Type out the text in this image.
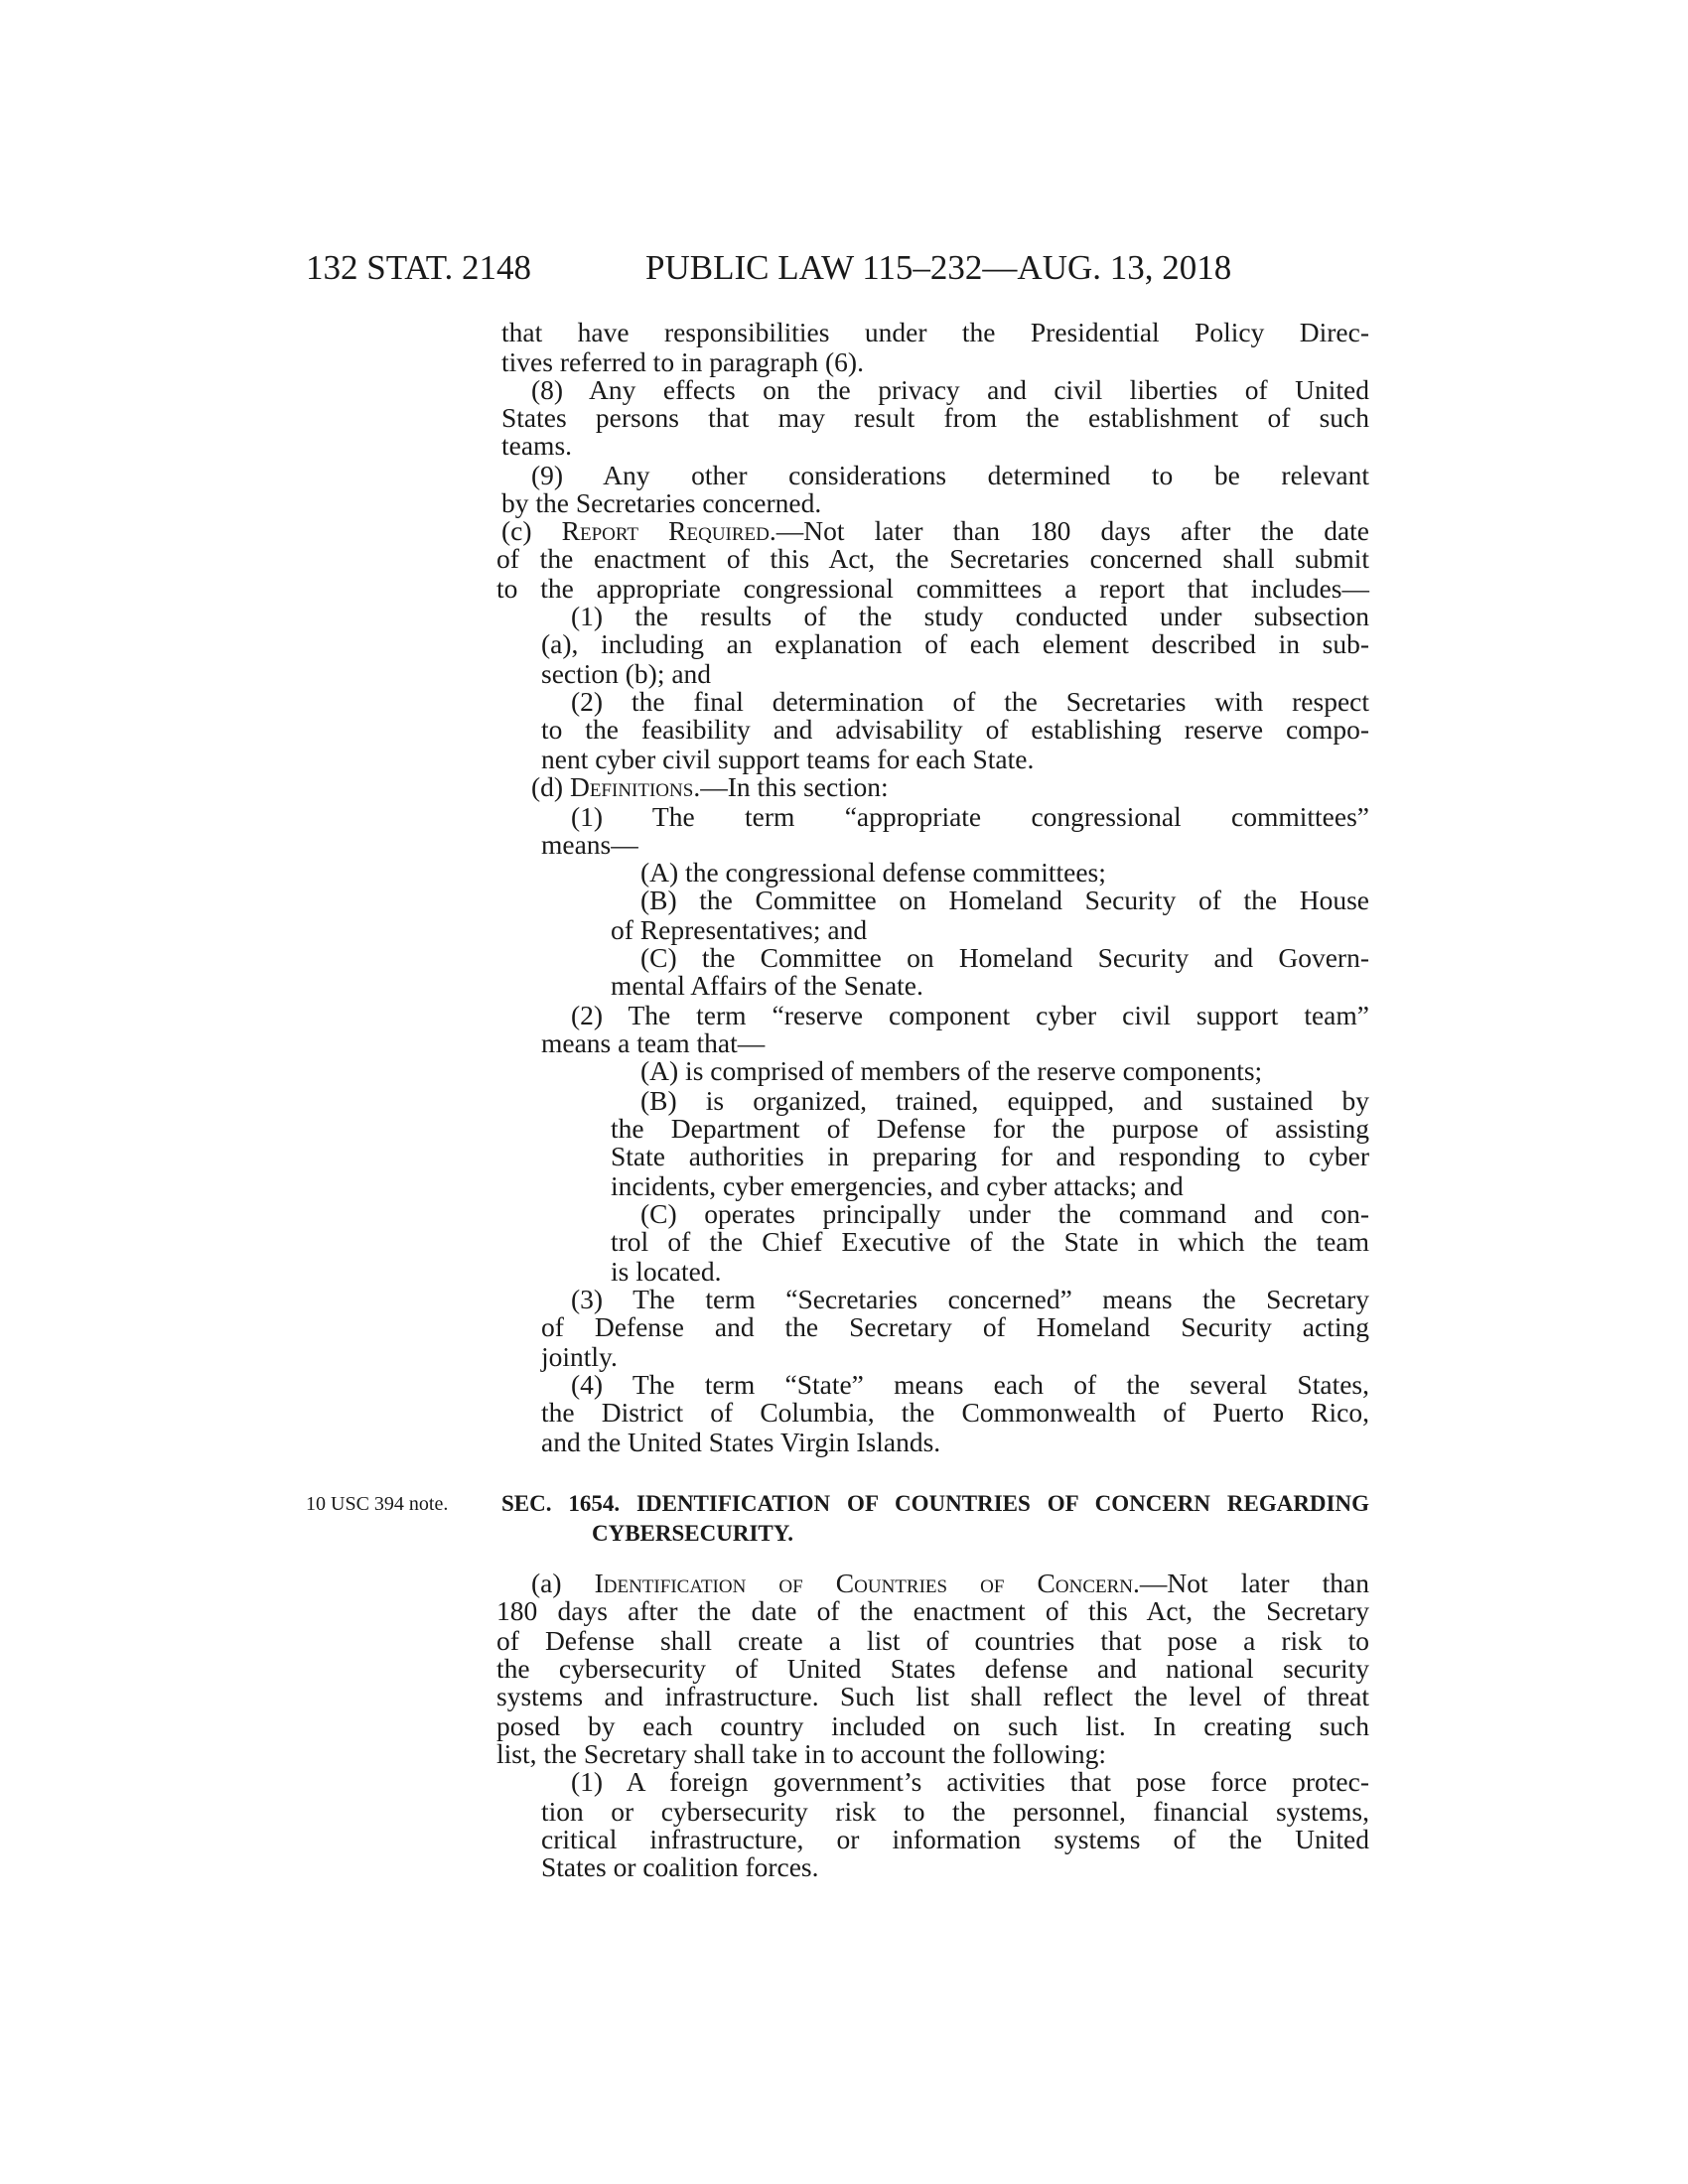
132 STAT. 2148	PUBLIC LAW 115–232—AUG. 13, 2018
that have responsibilities under the Presidential Policy Direc-
tives referred to in paragraph (6).
(8) Any effects on the privacy and civil liberties of United
States persons that may result from the establishment of such
teams.
(9) Any other considerations determined to be relevant
by the Secretaries concerned.
(c) Report Required.—Not later than 180 days after the date
of the enactment of this Act, the Secretaries concerned shall submit
to the appropriate congressional committees a report that includes—
(1) the results of the study conducted under subsection
(a), including an explanation of each element described in sub-
section (b); and
(2) the final determination of the Secretaries with respect
to the feasibility and advisability of establishing reserve compo-
nent cyber civil support teams for each State.
(d) Definitions.—In this section:
(1) The term “appropriate congressional committees”
means—
(A) the congressional defense committees;
(B) the Committee on Homeland Security of the House
of Representatives; and
(C) the Committee on Homeland Security and Govern-
mental Affairs of the Senate.
(2) The term “reserve component cyber civil support team”
means a team that—
(A) is comprised of members of the reserve components;
(B) is organized, trained, equipped, and sustained by
the Department of Defense for the purpose of assisting
State authorities in preparing for and responding to cyber
incidents, cyber emergencies, and cyber attacks; and
(C) operates principally under the command and con-
trol of the Chief Executive of the State in which the team
is located.
(3) The term “Secretaries concerned” means the Secretary
of Defense and the Secretary of Homeland Security acting
jointly.
(4) The term “State” means each of the several States,
the District of Columbia, the Commonwealth of Puerto Rico,
and the United States Virgin Islands.
10 USC 394 note. SEC. 1654. IDENTIFICATION OF COUNTRIES OF CONCERN REGARDING
CYBERSECURITY.
(a) Identification of Countries of Concern.—Not later than
180 days after the date of the enactment of this Act, the Secretary
of Defense shall create a list of countries that pose a risk to
the cybersecurity of United States defense and national security
systems and infrastructure. Such list shall reflect the level of threat
posed by each country included on such list. In creating such
list, the Secretary shall take in to account the following:
(1) A foreign government’s activities that pose force protec-
tion or cybersecurity risk to the personnel, financial systems,
critical infrastructure, or information systems of the United
States or coalition forces.
